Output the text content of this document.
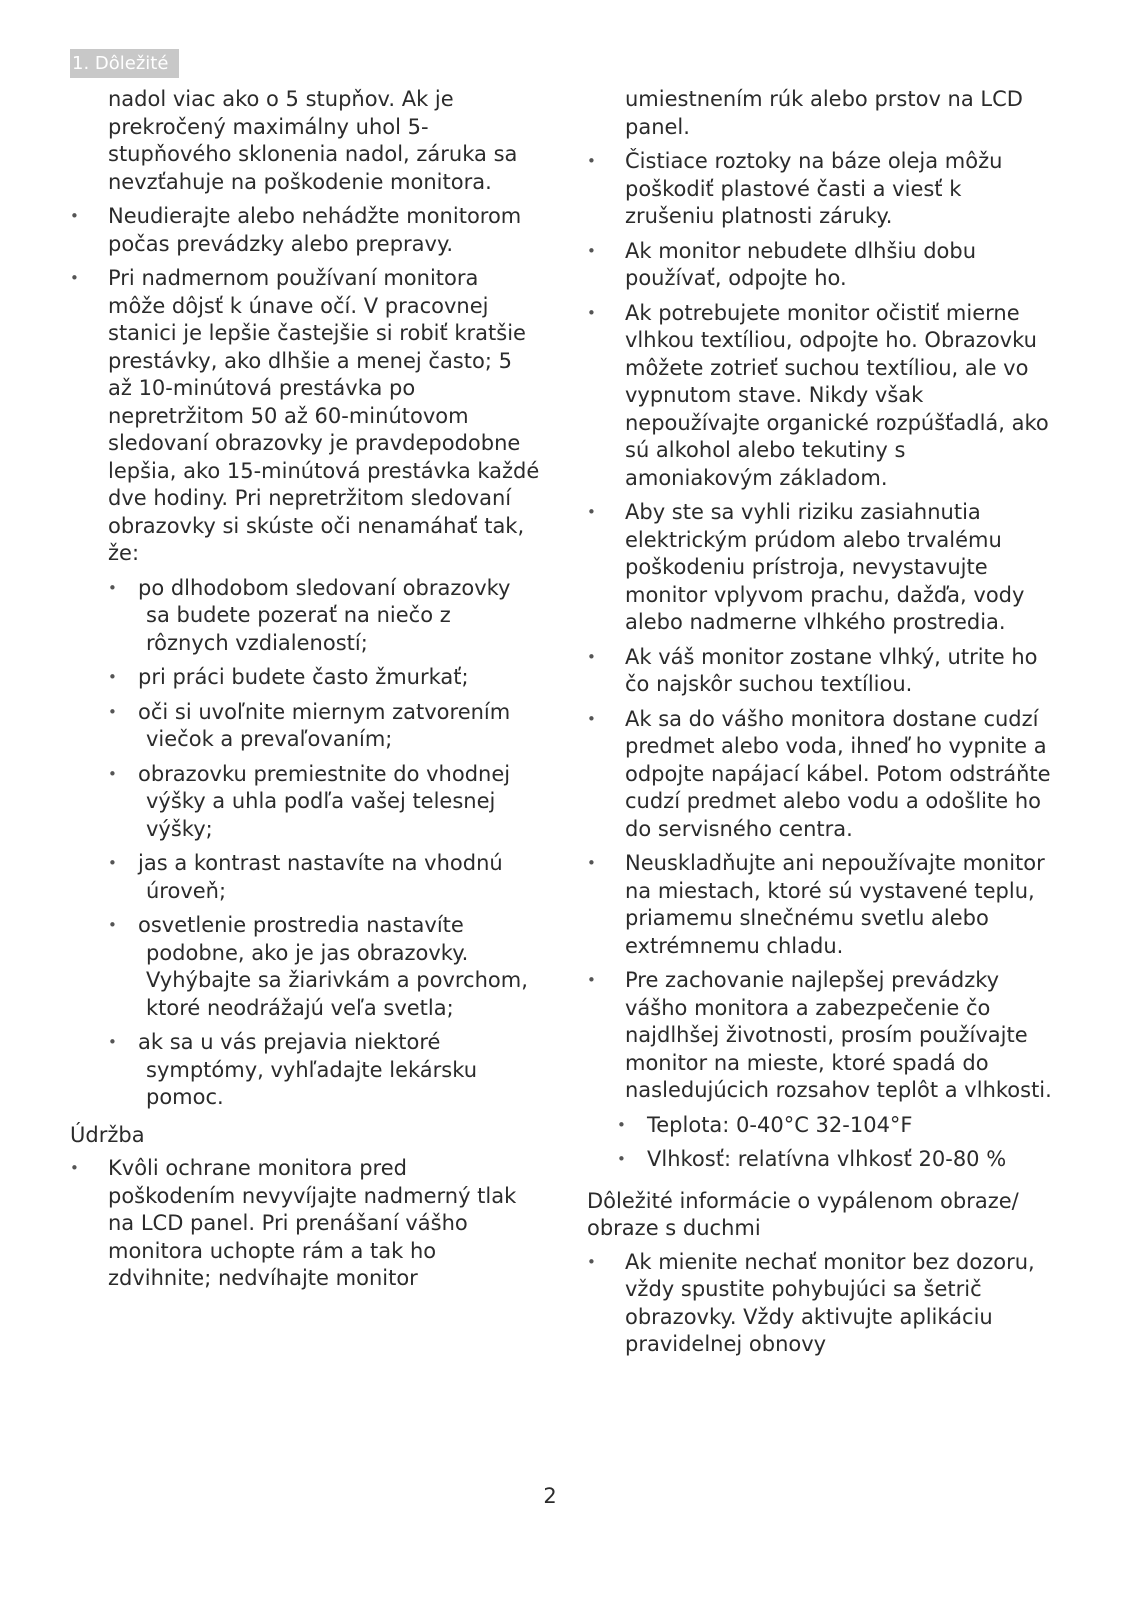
1. Dôležité

nadol viac ako o 5 stupňov. Ak je prekročený maximálny uhol 5-stupňového sklonenia nadol, záruka sa nevzťahuje na poškodenie monitora.

• Neudierajte alebo nehádžte monitorom počas prevádzky alebo prepravy.
• Pri nadmernom používaní monitora môže dôjsť k únave očí. V pracovnej stanici je lepšie častejšie si robiť kratšie prestávky, ako dlhšie a menej často; 5 až 10-minútová prestávka po nepretržitom 50 až 60-minútovom sledovaní obrazovky je pravdepodobne lepšia, ako 15-minútová prestávka každé dve hodiny. Pri nepretržitom sledovaní obrazovky si skúste oči nenamáhať tak, že:
• po dlhodobom sledovaní obrazovky sa budete pozerať na niečo z rôznych vzdialeností;
• pri práci budete často žmurkať;
• oči si uvoľnite miernym zatvorením viečok a prevaľovaním;
• obrazovku premiestnite do vhodnej výšky a uhla podľa vašej telesnej výšky;
• jas a kontrast nastavíte na vhodnú úroveň;
• osvetlenie prostredia nastavíte podobne, ako je jas obrazovky. Vyhýbajte sa žiarivkám a povrchom, ktoré neodrážajú veľa svetla;
• ak sa u vás prejavia niektoré symptómy, vyhľadajte lekársku pomoc.
Údržba
• Kvôli ochrane monitora pred poškodením nevyvíjajte nadmerný tlak na LCD panel. Pri prenášaní vášho monitora uchopte rám a tak ho zdvihnite; nedvíhajte monitor

umiestnením rúk alebo prstov na LCD panel.

• Čistiace roztoky na báze oleja môžu poškodiť plastové časti a viesť k zrušeniu platnosti záruky.
• Ak monitor nebudete dlhšiu dobu používať, odpojte ho.
• Ak potrebujete monitor očistiť mierne vlhkou textíliou, odpojte ho. Obrazovku môžete zotrieť suchou textíliou, ale vo vypnutom stave. Nikdy však nepoužívajte organické rozpúšťadlá, ako sú alkohol alebo tekutiny s amoniakovým základom.
• Aby ste sa vyhli riziku zasiahnutia elektrickým prúdom alebo trvalému poškodeniu prístroja, nevystavujte monitor vplyvom prachu, dažďa, vody alebo nadmerne vlhkého prostredia.
• Ak váš monitor zostane vlhký, utrite ho čo najskôr suchou textíliou.
• Ak sa do vášho monitora dostane cudzí predmet alebo voda, ihneď ho vypnite a odpojte napájací kábel. Potom odstráňte cudzí predmet alebo vodu a odošlite ho do servisného centra.
• Neuskladňujte ani nepoužívajte monitor na miestach, ktoré sú vystavené teplu, priamemu slnečnému svetlu alebo extrémnemu chladu.
• Pre zachovanie najlepšej prevádzky vášho monitora a zabezpečenie čo najdlhšej životnosti, prosím používajte monitor na mieste, ktoré spadá do nasledujúcich rozsahov teplôt a vlhkosti.
• Teplota: 0-40°C 32-104°F
• Vlhkosť: relatívna vlhkosť 20-80 %
Dôležité informácie o vypálenom obraze/ obraze s duchmi
• Ak mienite nechať monitor bez dozoru, vždy spustite pohybujúci sa šetrič obrazovky. Vždy aktivujte aplikáciu pravidelnej obnovy
2
